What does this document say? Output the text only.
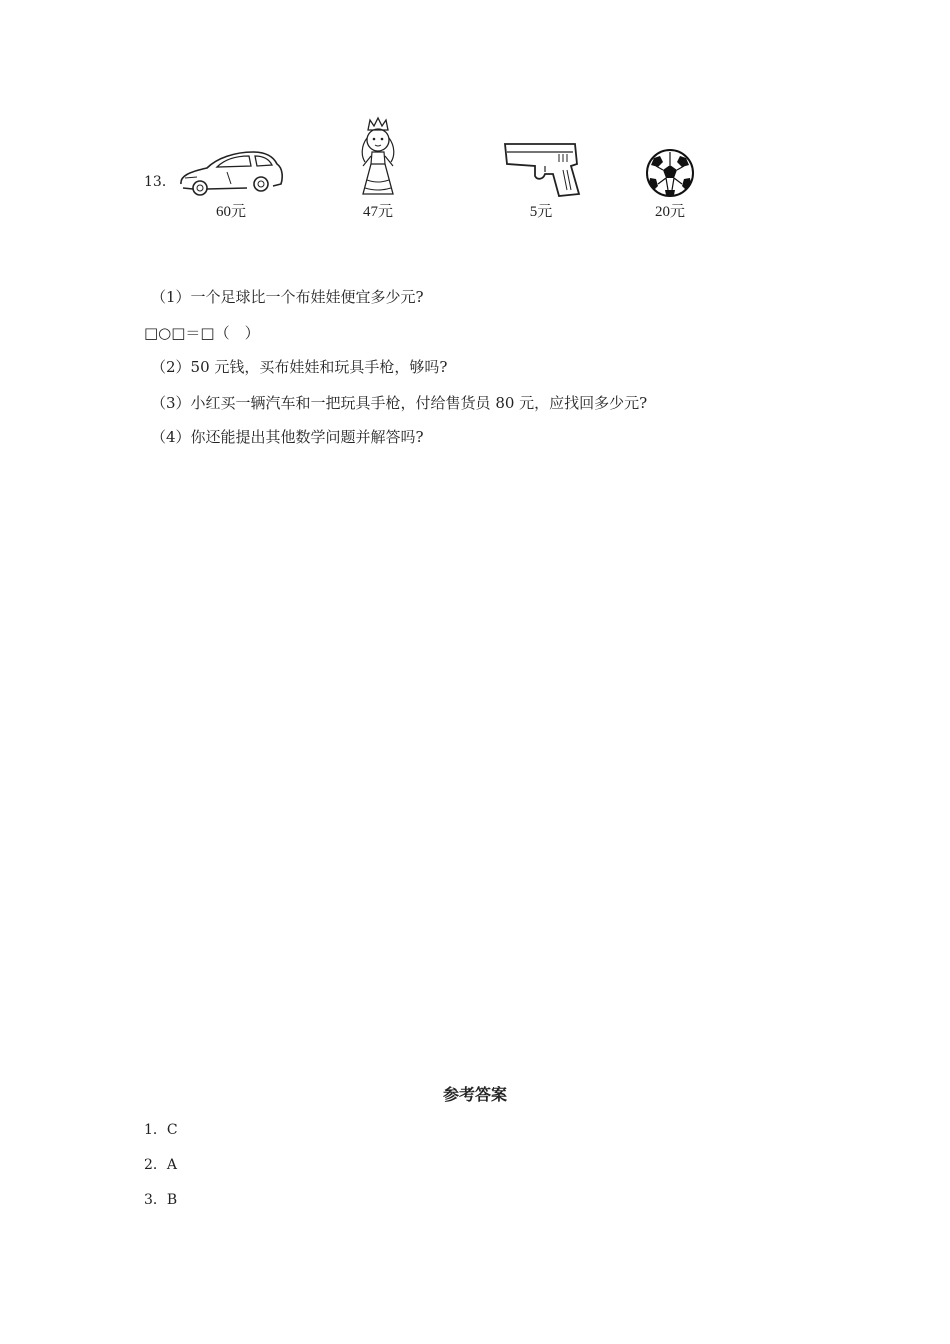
13．
60元	47元	5元	20元
（1）一个足球比一个布娃娃便宜多少元?
□○□＝□（　）
（2）50 元钱，买布娃娃和玩具手枪，够吗?
（3）小红买一辆汽车和一把玩具手枪，付给售货员 80 元，应找回多少元?
（4）你还能提出其他数学问题并解答吗?
参考答案
1．C
2．A
3．B
